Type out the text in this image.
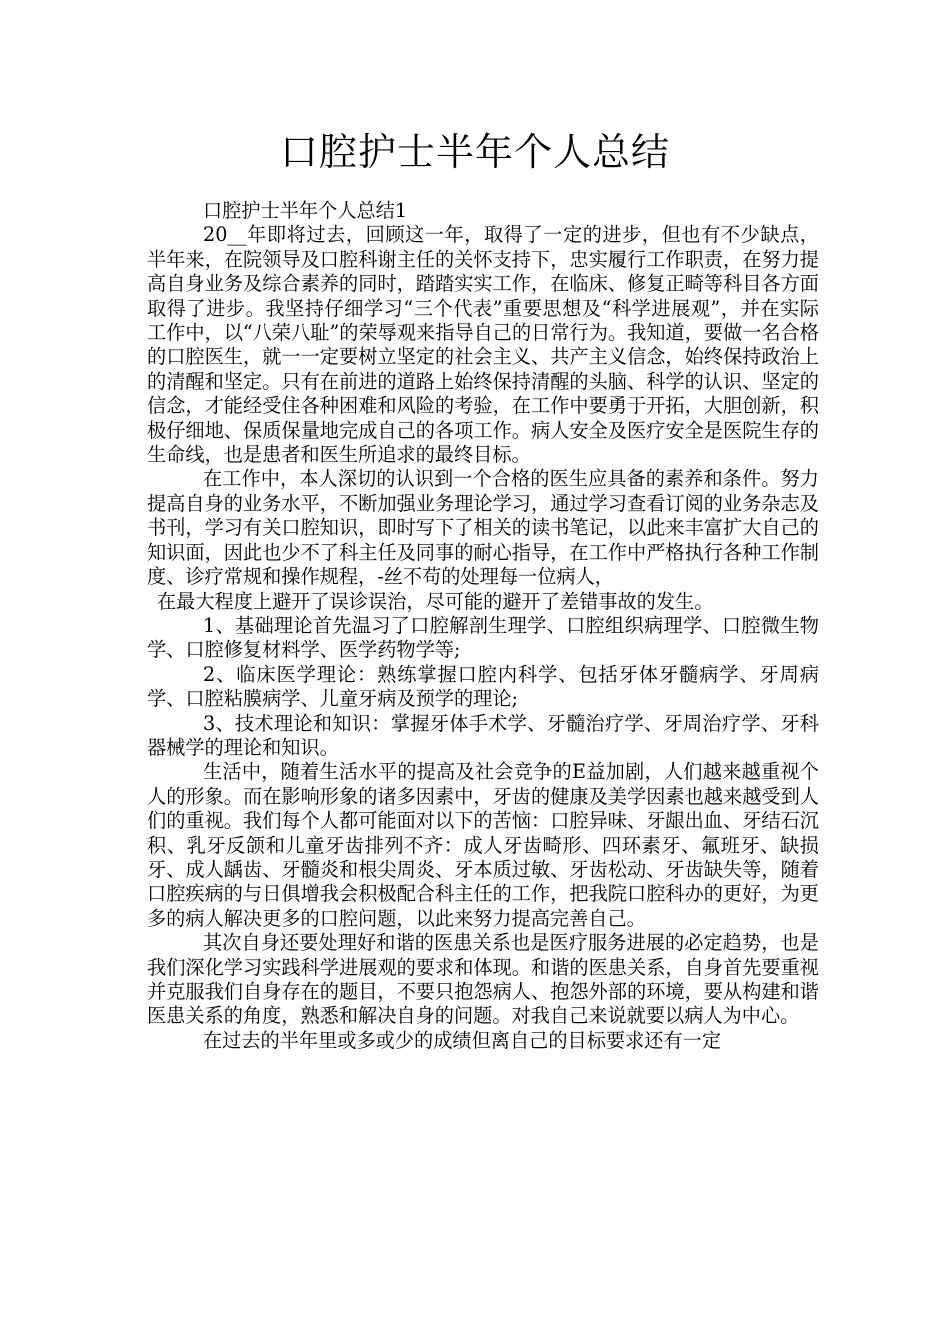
口腔护士半年个人总结

口腔护士半年个人总结1

20__年即将过去，回顾这一年，取得了一定的进步，但也有不少缺点，半年来，在院领导及口腔科谢主任的关怀支持下，忠实履行工作职责，在努力提高自身业务及综合素养的同时，踏踏实实工作，在临床、修复正畸等科目各方面取得了进步。我坚持仔细学习“三个代表”重要思想及“科学进展观”，并在实际工作中，以“八荣八耻”的荣辱观来指导自己的日常行为。我知道，要做一名合格的口腔医生，就一一定要树立坚定的社会主义、共产主义信念，始终保持政治上的清醒和坚定。只有在前进的道路上始终保持清醒的头脑、科学的认识、坚定的信念，才能经受住各种困难和风险的考验，在工作中要勇于开拓，大胆创新，积极仔细地、保质保量地完成自己的各项工作。病人安全及医疗安全是医院生存的生命线，也是患者和医生所追求的最终目标。

在工作中，本人深切的认识到一个合格的医生应具备的素养和条件。努力提高自身的业务水平，不断加强业务理论学习，通过学习查看订阅的业务杂志及书刊，学习有关口腔知识，即时写下了相关的读书笔记，以此来丰富扩大自己的知识面，因此也少不了科主任及同事的耐心指导，在工作中严格执行各种工作制度、诊疗常规和操作规程，-丝不苟的处理每一位病人，

在最大程度上避开了误诊误治，尽可能的避开了差错事故的发生。

1、基础理论首先温习了口腔解剖生理学、口腔组织病理学、口腔微生物学、口腔修复材料学、医学药物学等;

2、临床医学理论：熟练掌握口腔内科学、包括牙体牙髓病学、牙周病学、口腔粘膜病学、儿童牙病及预学的理论;

3、技术理论和知识：掌握牙体手术学、牙髓治疗学、牙周治疗学、牙科器械学的理论和知识。

生活中，随着生活水平的提高及社会竞争的E益加剧，人们越来越重视个人的形象。而在影响形象的诸多因素中，牙齿的健康及美学因素也越来越受到人们的重视。我们每个人都可能面对以下的苦恼：口腔异味、牙龈出血、牙结石沉积、乳牙反颌和儿童牙齿排列不齐：成人牙齿畸形、四环素牙、氟班牙、缺损牙、成人龋齿、牙髓炎和根尖周炎、牙本质过敏、牙齿松动、牙齿缺失等，随着口腔疾病的与日俱增我会积极配合科主任的工作，把我院口腔科办的更好，为更多的病人解决更多的口腔问题，以此来努力提高完善自己。

其次自身还要处理好和谐的医患关系也是医疗服务进展的必定趋势，也是我们深化学习实践科学进展观的要求和体现。和谐的医患关系，自身首先要重视并克服我们自身存在的题目，不要只抱怨病人、抱怨外部的环境，要从构建和谐医患关系的角度，熟悉和解决自身的问题。对我自己来说就要以病人为中心。

在过去的半年里或多或少的成绩但离自己的目标要求还有一定
